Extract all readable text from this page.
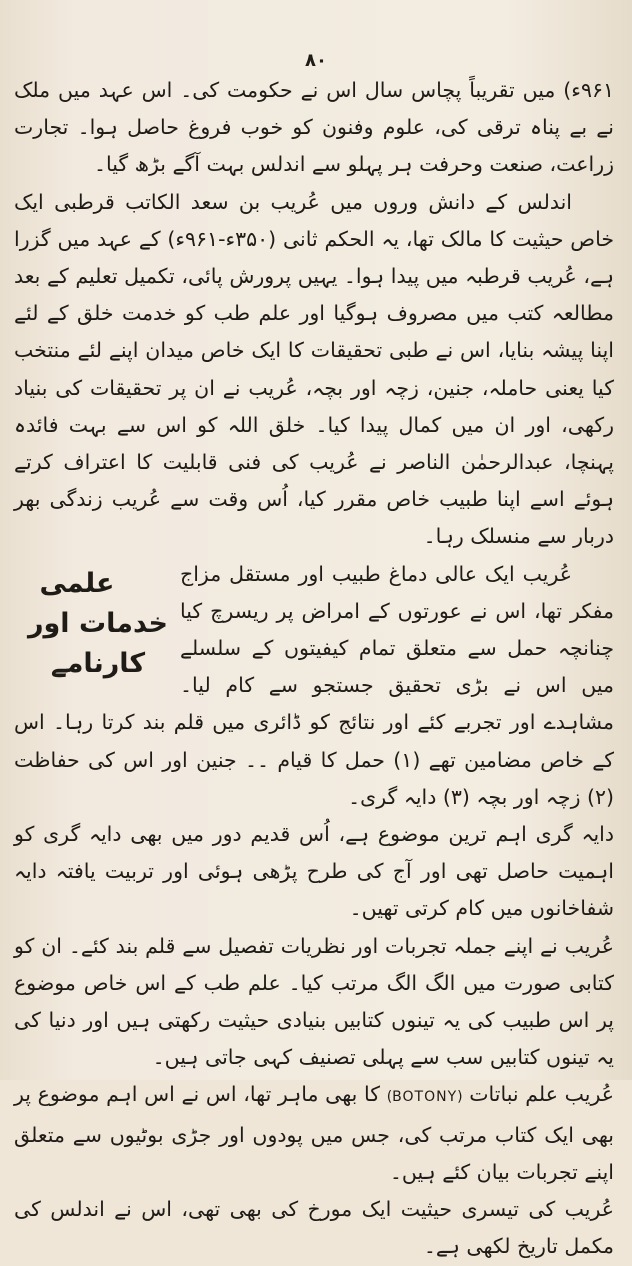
۸۰

۹۶۱ء) میں تقریباً پچاس سال اس نے حکومت کی۔ اس عہد میں ملک نے بے پناہ ترقی کی، علوم وفنون کو خوب فروغ حاصل ہوا۔ تجارت زراعت، صنعت وحرفت ہر پہلو سے اندلس بہت آگے بڑھ گیا۔

اندلس کے دانش وروں میں عُریب بن سعد الکاتب قرطبی ایک خاص حیثیت کا مالک تھا، یہ الحکم ثانی (۳۵۰ء-۹۶۱ء) کے عہد میں گزرا ہے، عُریب قرطبہ میں پیدا ہوا۔ یہیں پرورش پائی، تکمیل تعلیم کے بعد مطالعہ کتب میں مصروف ہوگیا اور علم طب کو خدمت خلق کے لئے اپنا پیشہ بنایا، اس نے طبی تحقیقات کا ایک خاص میدان اپنے لئے منتخب کیا یعنی حاملہ، جنین، زچہ اور بچہ، عُریب نے ان پر تحقیقات کی بنیاد رکھی، اور ان میں کمال پیدا کیا۔ خلق اللہ کو اس سے بہت فائدہ پہنچا، عبدالرحمٰن الناصر نے عُریب کی فنی قابلیت کا اعتراف کرتے ہوئے اسے اپنا طبیب خاص مقرر کیا، اُس وقت سے عُریب زندگی بھر دربار سے منسلک رہا۔

علمی خدمات اور کارنامے
عُریب ایک عالی دماغ طبیب اور مستقل مزاج مفکر تھا، اس نے عورتوں کے امراض پر ریسرچ کیا چنانچہ حمل سے متعلق تمام کیفیتوں کے سلسلے میں اس نے بڑی تحقیق جستجو سے کام لیا۔ مشاہدے اور تجربے کئے اور نتائج کو ڈائری میں قلم بند کرتا رہا۔ اس کے خاص مضامین تھے (۱) حمل کا قیام ۔۔ جنین اور اس کی حفاظت (۲) زچہ اور بچہ (۳) دایہ گری۔

دایہ گری اہم ترین موضوع ہے، اُس قدیم دور میں بھی دایہ گری کو اہمیت حاصل تھی اور آج کی طرح پڑھی ہوئی اور تربیت یافتہ دایہ شفاخانوں میں کام کرتی تھیں۔

عُریب نے اپنے جملہ تجربات اور نظریات تفصیل سے قلم بند کئے۔ ان کو کتابی صورت میں الگ الگ مرتب کیا۔ علم طب کے اس خاص موضوع پر اس طبیب کی یہ تینوں کتابیں بنیادی حیثیت رکھتی ہیں اور دنیا کی یہ تینوں کتابیں سب سے پہلی تصنیف کہی جاتی ہیں۔

عُریب علم نباتات (BOTONY) کا بھی ماہر تھا، اس نے اس اہم موضوع پر بھی ایک کتاب مرتب کی، جس میں پودوں اور جڑی بوٹیوں سے متعلق اپنے تجربات بیان کئے ہیں۔

عُریب کی تیسری حیثیت ایک مورخ کی بھی تھی، اس نے اندلس کی مکمل تاریخ لکھی ہے۔
